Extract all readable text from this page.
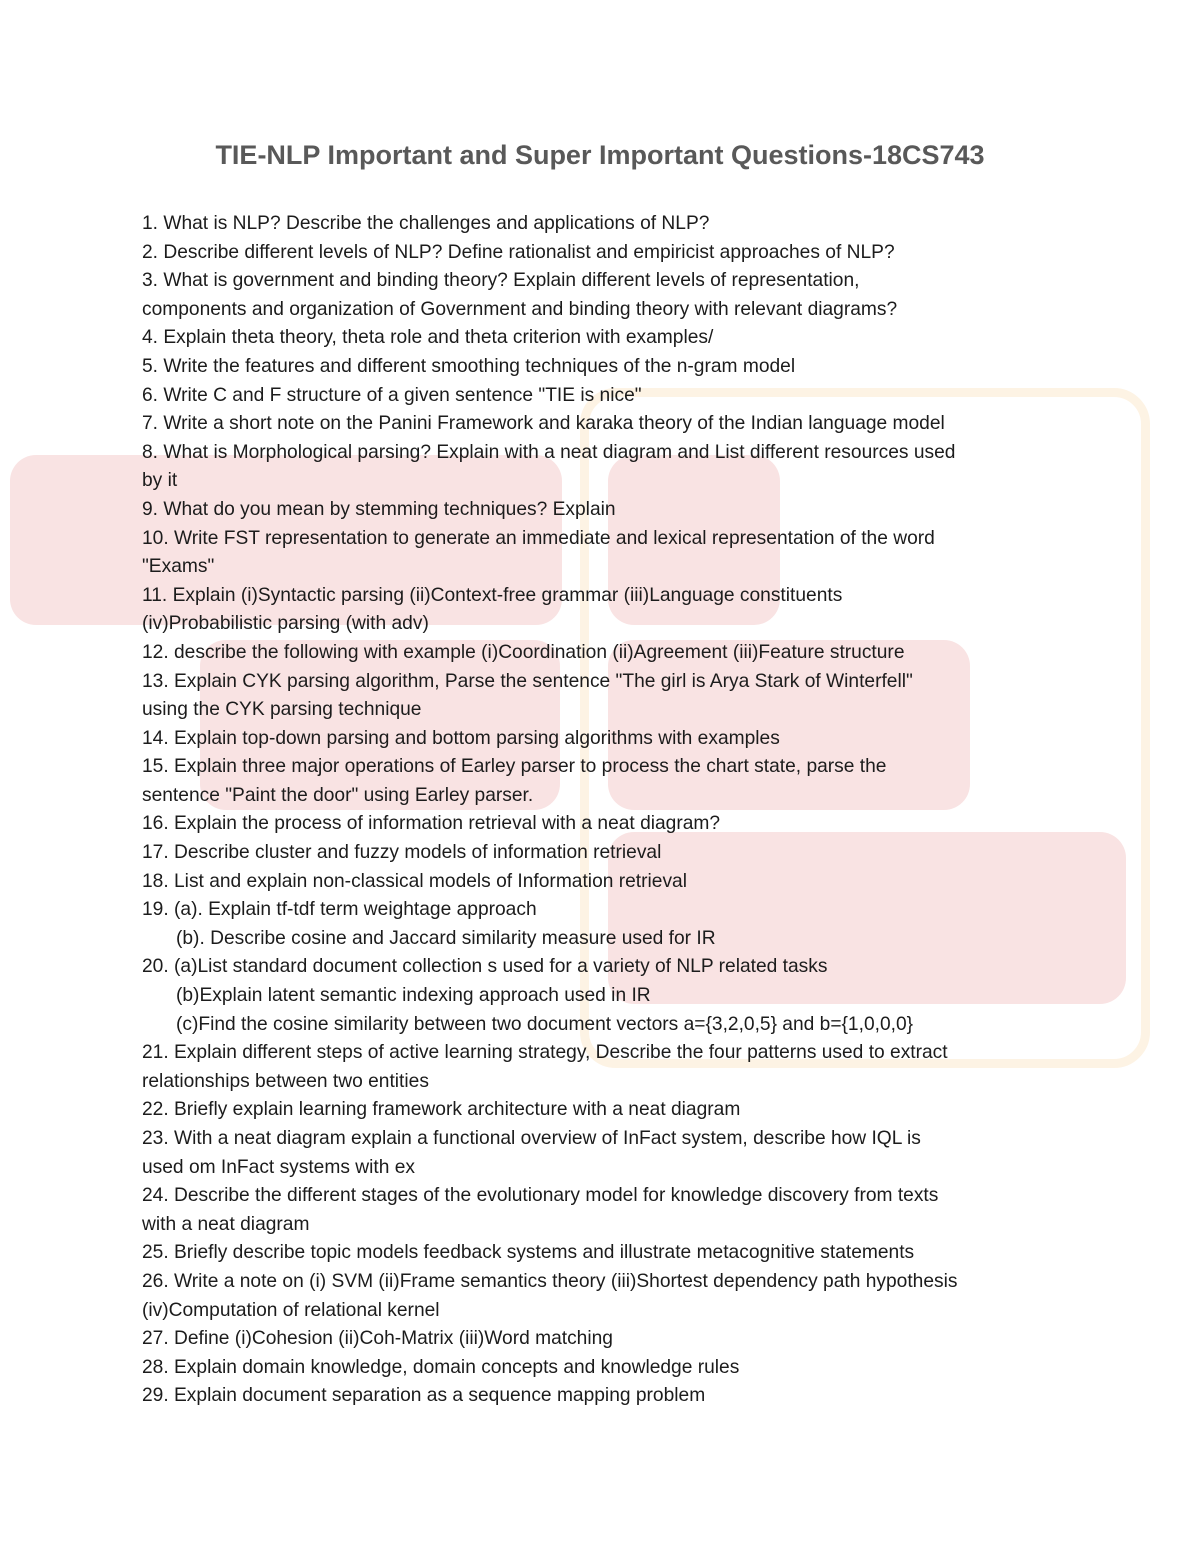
TIE-NLP Important and Super Important Questions-18CS743

1. What is NLP? Describe the challenges and applications of NLP?

2. Describe different levels of NLP? Define rationalist and empiricist approaches of NLP?

3. What is government and binding theory? Explain different levels of representation,

components and organization of Government and binding theory with relevant diagrams?

4. Explain theta theory, theta role and theta criterion with examples/

5. Write the features and different smoothing techniques of the n-gram model

6. Write C and F structure of a given sentence "TIE is nice"

7. Write a short note on the Panini Framework and karaka theory of the Indian language model

8. What is Morphological parsing? Explain with a neat diagram and List different resources used

by it

9. What do you mean by stemming techniques? Explain

10. Write FST representation to generate an immediate and lexical representation of the word

"Exams"

11. Explain (i)Syntactic parsing (ii)Context-free grammar (iii)Language constituents

(iv)Probabilistic parsing (with adv)

12. describe the following with example (i)Coordination (ii)Agreement (iii)Feature structure

13. Explain CYK parsing algorithm, Parse the sentence "The girl is Arya Stark of Winterfell"

using the CYK parsing technique

14. Explain top-down parsing and bottom parsing algorithms with examples

15. Explain three major operations of Earley parser to process the chart state, parse the

sentence "Paint the door" using Earley parser.

16. Explain the process of information retrieval with a neat diagram?

17. Describe cluster and fuzzy models of information retrieval

18. List and explain non-classical models of Information retrieval

19. (a). Explain tf-tdf term weightage approach

(b). Describe cosine and Jaccard similarity measure used for IR

20. (a)List standard document collection s used for a variety of NLP related tasks

(b)Explain latent semantic indexing approach used in IR

(c)Find the cosine similarity between two document vectors a={3,2,0,5} and b={1,0,0,0}

21. Explain different steps of active learning strategy, Describe the four patterns used to extract

relationships between two entities

22. Briefly explain learning framework architecture with a neat diagram

23. With a neat diagram explain a functional overview of InFact system, describe how IQL is

used om InFact systems with ex

24. Describe the different stages of the evolutionary model for knowledge discovery from texts

with a neat diagram

25. Briefly describe topic models feedback systems and illustrate metacognitive statements

26. Write a note on (i) SVM (ii)Frame semantics theory (iii)Shortest dependency path hypothesis

(iv)Computation of relational kernel

27. Define (i)Cohesion (ii)Coh-Matrix (iii)Word matching

28. Explain domain knowledge, domain concepts and knowledge rules

29. Explain document separation as a sequence mapping problem
